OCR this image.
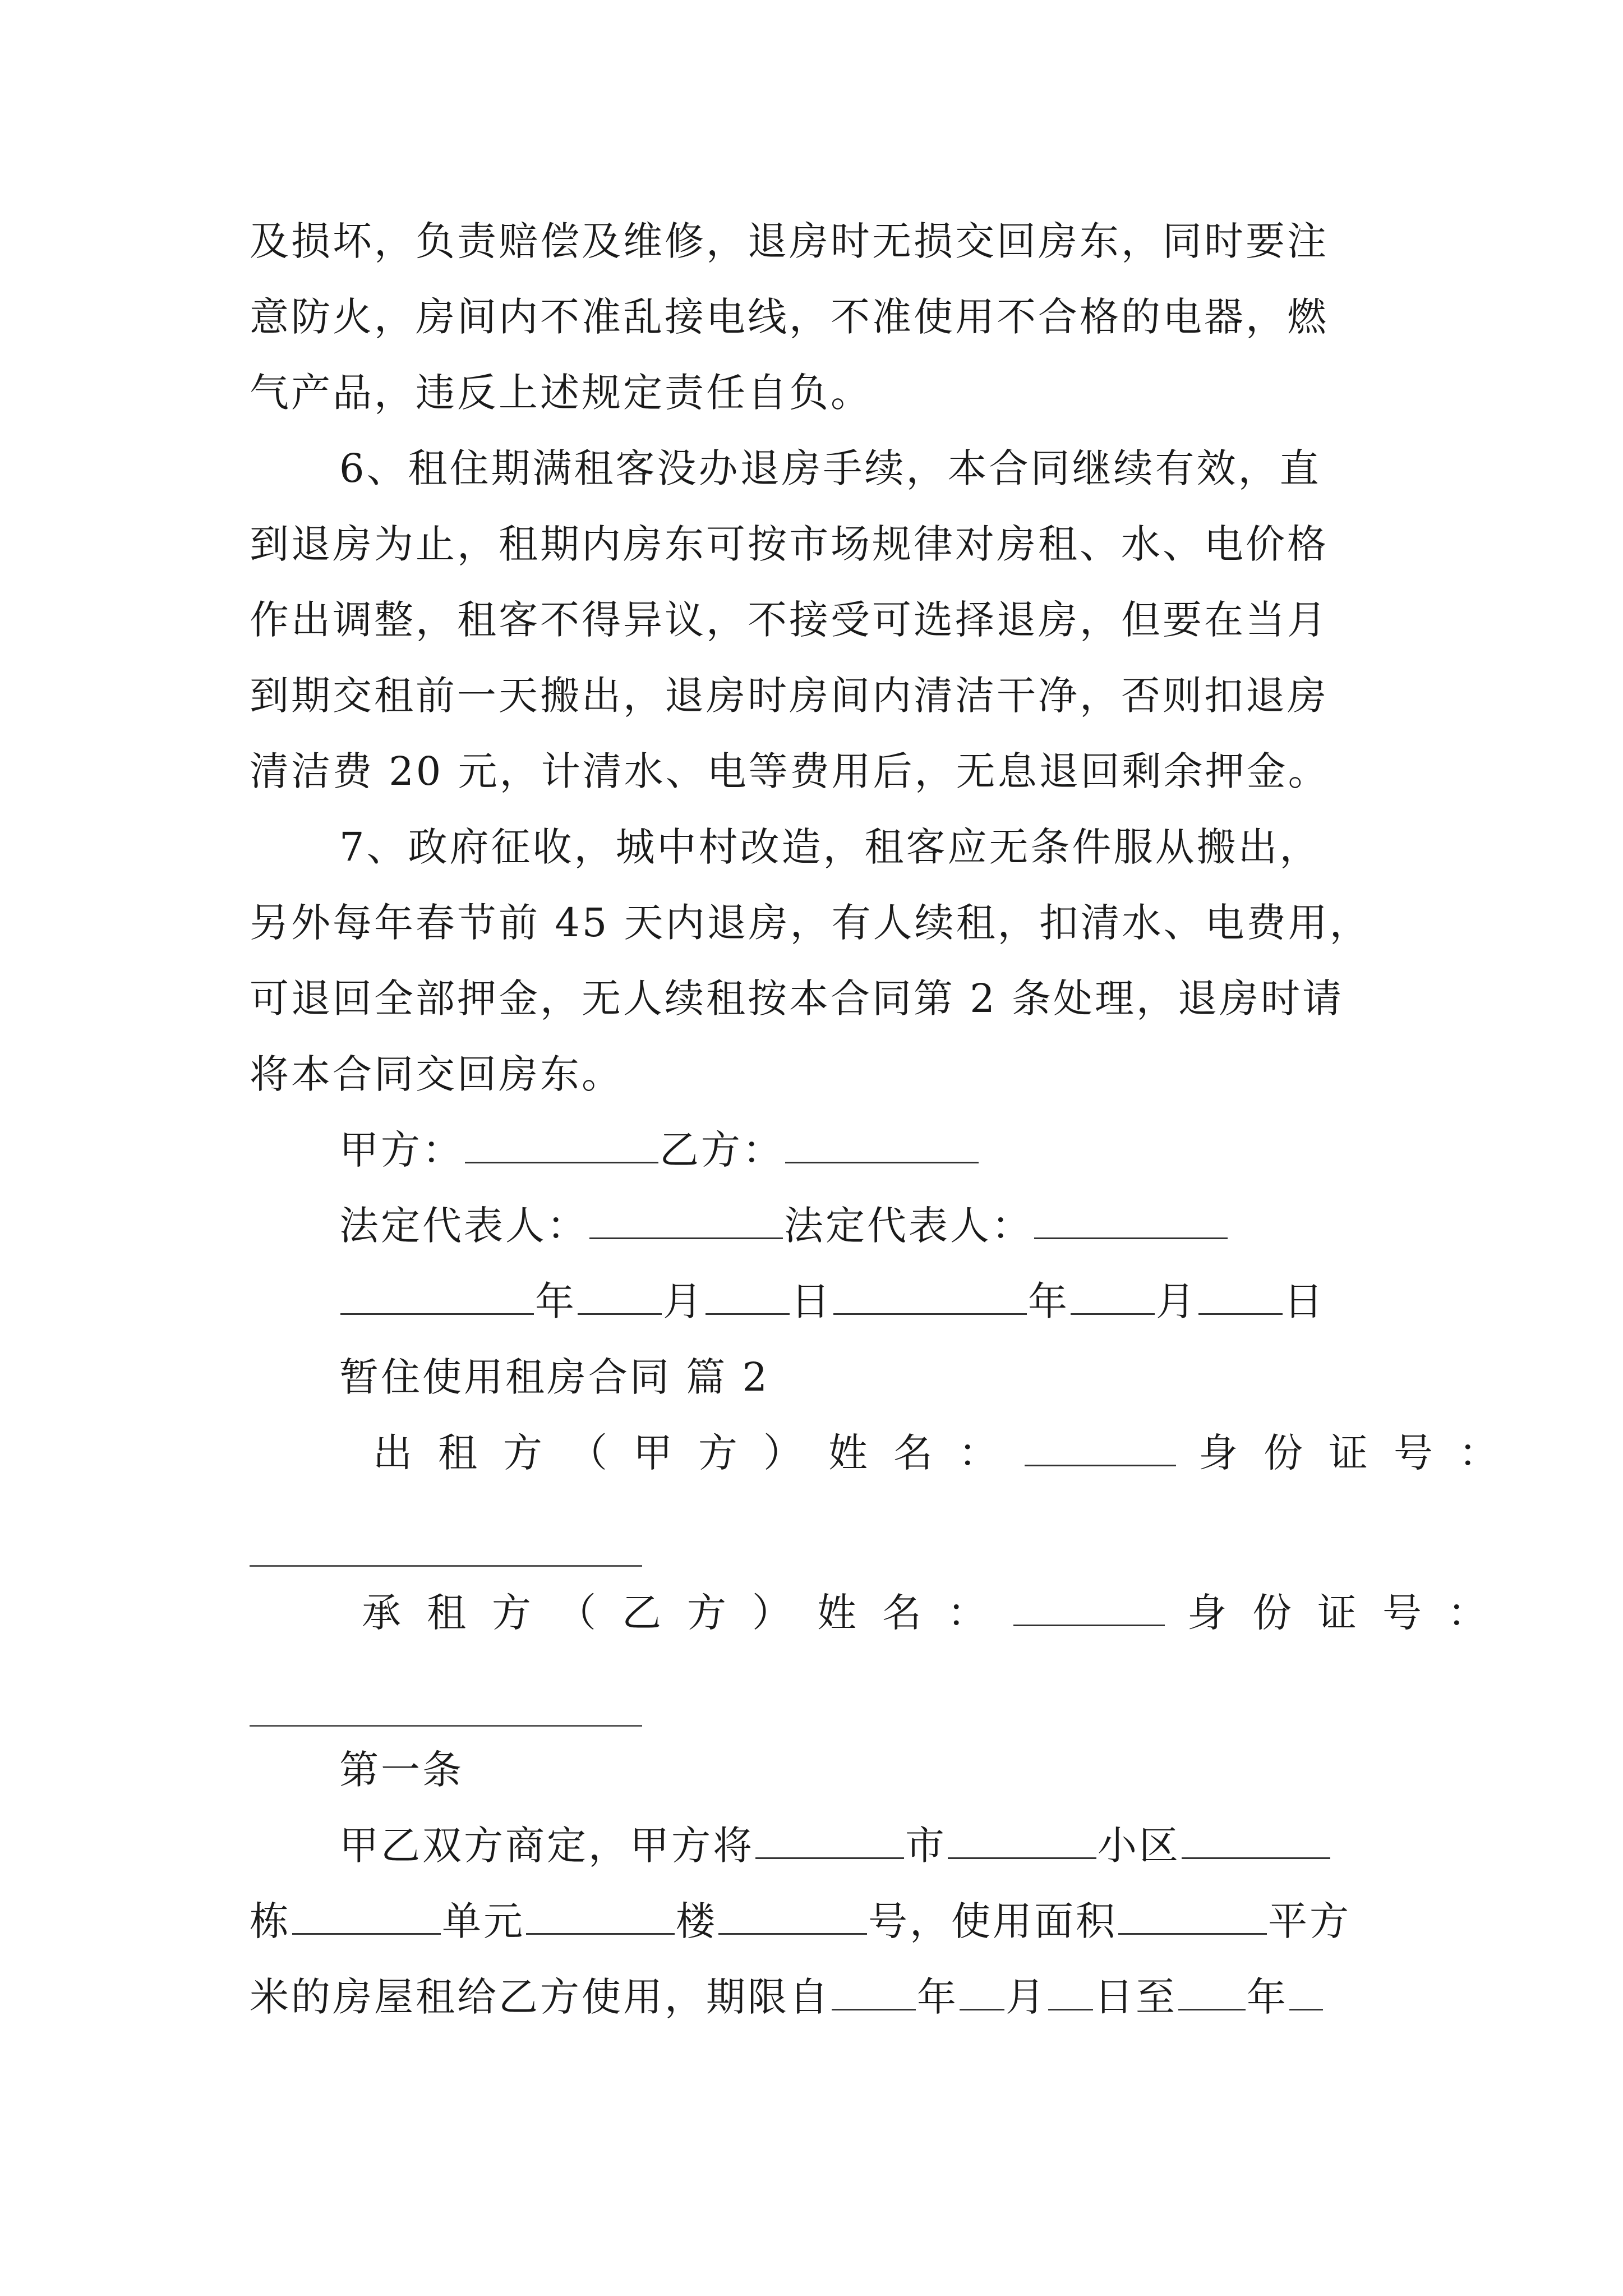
及损坏，负责赔偿及维修，退房时无损交回房东，同时要注
意防火，房间内不准乱接电线，不准使用不合格的电器，燃
气产品，违反上述规定责任自负。
6、租住期满租客没办退房手续，本合同继续有效，直
到退房为止，租期内房东可按市场规律对房租、水、电价格
作出调整，租客不得异议，不接受可选择退房，但要在当月
到期交租前一天搬出，退房时房间内清洁干净，否则扣退房
清洁费 20 元，计清水、电等费用后，无息退回剩余押金。
7、政府征收，城中村改造，租客应无条件服从搬出，
另外每年春节前 45 天内退房，有人续租，扣清水、电费用，
可退回全部押金，无人续租按本合同第 2 条处理，退房时请
将本合同交回房东。
甲方：	乙方：
法定代表人：	法定代表人：
年 月 日	年 月 日
暂住使用租房合同 篇 2
出租方（甲方）姓名：	身份证号：
承租方（乙方）姓名：	身份证号：
第一条
甲乙双方商定，甲方将	市	小区
栋	单元	楼	号，使用面积	平方
米的房屋租给乙方使用，期限自 年 月 日至 年
